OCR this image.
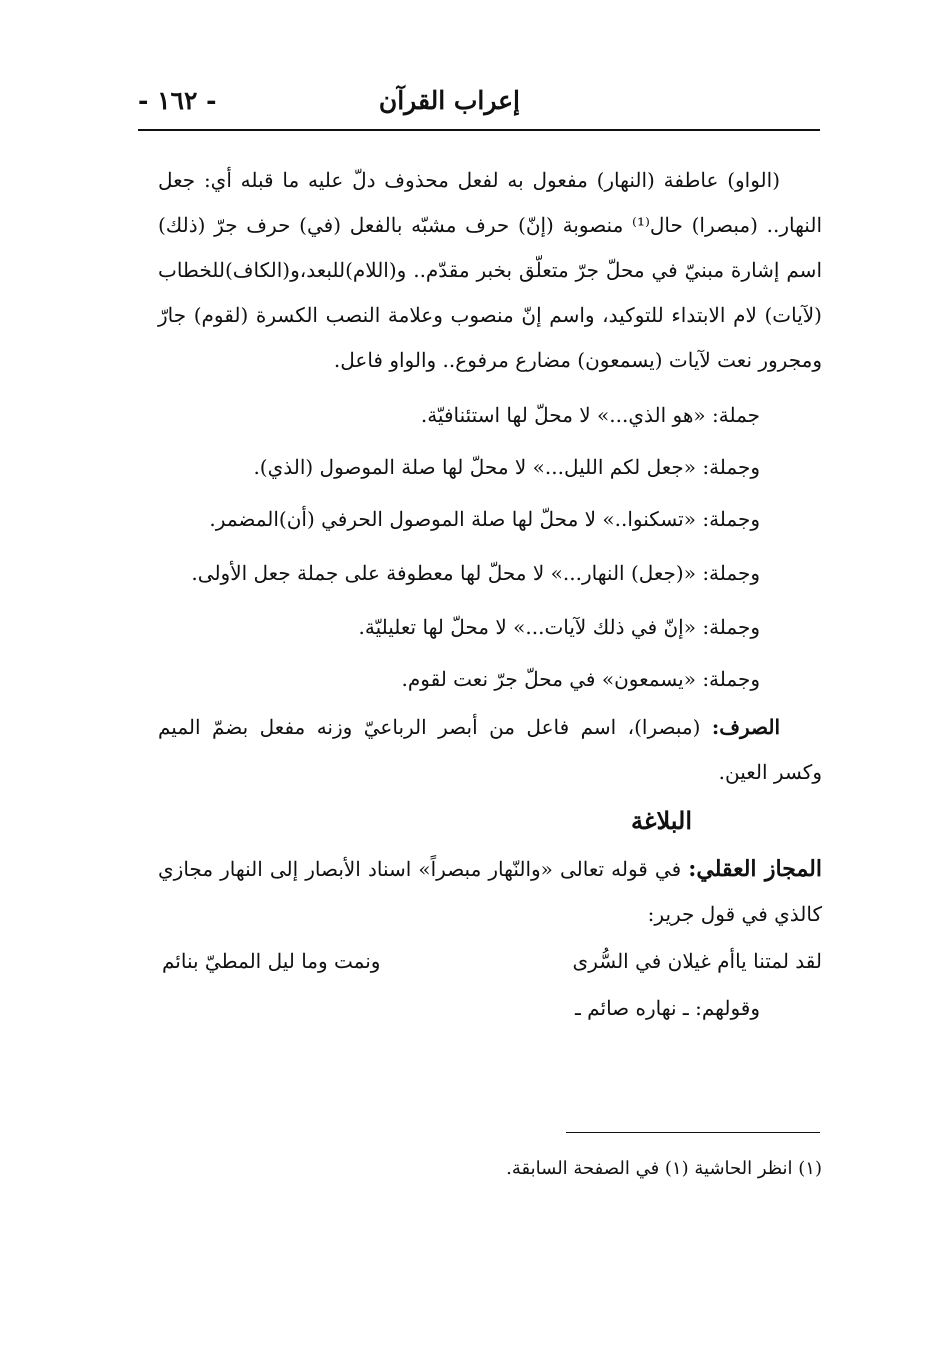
إعراب القرآن
- ١٦٢ -

(الواو) عاطفة (النهار) مفعول به لفعل محذوف دلّ عليه ما قبله أي: جعل النهار.. (مبصرا) حال⁽¹⁾ منصوبة (إنّ) حرف مشبّه بالفعل (في) حرف جرّ (ذلك) اسم إشارة مبنيّ في محلّ جرّ متعلّق بخبر مقدّم.. و(اللام)للبعد،و(الكاف)للخطاب (لآيات) لام الابتداء للتوكيد، واسم إنّ منصوب وعلامة النصب الكسرة (لقوم) جارّ ومجرور نعت لآيات (يسمعون) مضارع مرفوع.. والواو فاعل.

جملة: «هو الذي...» لا محلّ لها استئنافيّة.

وجملة: «جعل لكم الليل...» لا محلّ لها صلة الموصول (الذي).

وجملة: «تسكنوا..» لا محلّ لها صلة الموصول الحرفي (أن)المضمر.

وجملة: «(جعل) النهار...» لا محلّ لها معطوفة على جملة جعل الأولى.

وجملة: «إنّ في ذلك لآيات...» لا محلّ لها تعليليّة.

وجملة: «يسمعون» في محلّ جرّ نعت لقوم.

الصرف: (مبصرا)، اسم فاعل من أبصر الرباعيّ وزنه مفعل بضمّ الميم وكسر العين.

البلاغة

المجاز العقلي: في قوله تعالى «والنّهار مبصراً» اسناد الأبصار إلى النهار مجازي كالذي في قول جرير:

لقد لمتنا ياأم غيلان في السُّرى
ونمت وما ليل المطيّ بنائم

وقولهم: ـ نهاره صائم ـ

(١) انظر الحاشية (١) في الصفحة السابقة.
